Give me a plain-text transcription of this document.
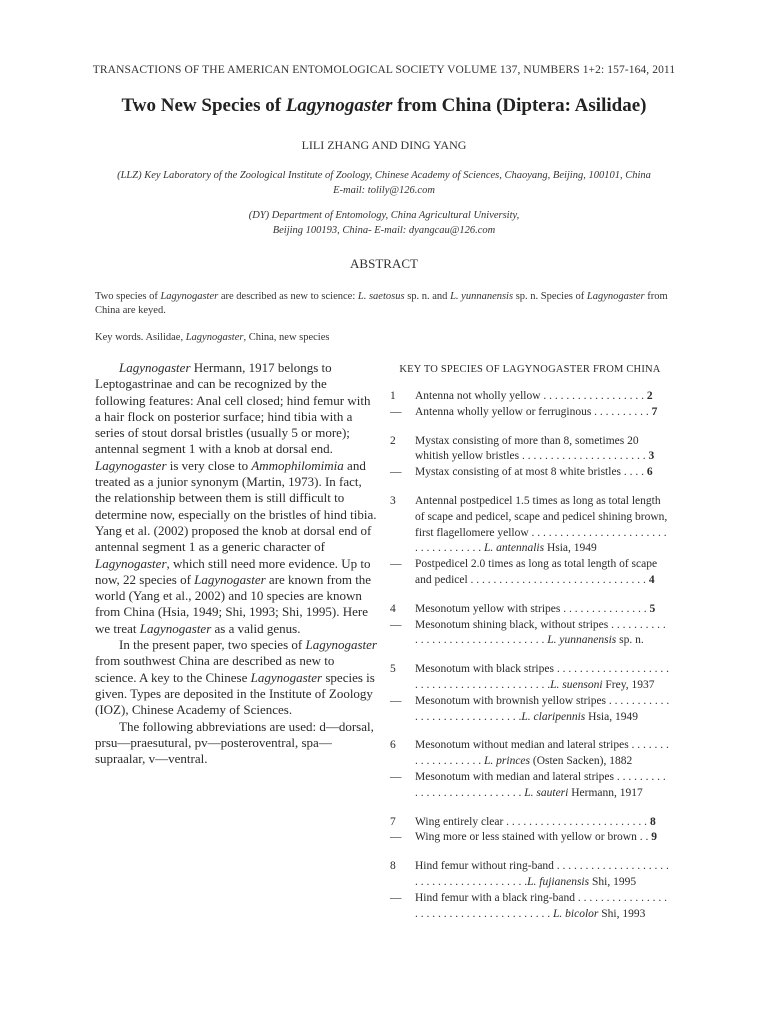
TRANSACTIONS OF THE AMERICAN ENTOMOLOGICAL SOCIETY VOLUME 137, NUMBERS 1+2: 157-164, 2011
Two New Species of Lagynogaster from China (Diptera: Asilidae)
LILI ZHANG AND DING YANG
(LLZ) Key Laboratory of the Zoological Institute of Zoology, Chinese Academy of Sciences, Chaoyang, Beijing, 100101, China
E-mail: tolily@126.com
(DY) Department of Entomology, China Agricultural University,
Beijing 100193, China- E-mail: dyangcau@126.com
ABSTRACT
Two species of Lagynogaster are described as new to science: L. saetosus sp. n. and L. yunnanensis sp. n. Species of Lagynogaster from China are keyed.
Key words. Asilidae, Lagynogaster, China, new species

Lagynogaster Hermann, 1917 belongs to Leptogastrinae and can be recognized by the following features: Anal cell closed; hind femur with a hair flock on posterior surface; hind tibia with a series of stout dorsal bristles (usually 5 or more); antennal segment 1 with a knob at dorsal end. Lagynogaster is very close to Ammophilomimia and treated as a junior synonym (Martin, 1973). In fact, the relationship between them is still difficult to determine now, especially on the bristles of hind tibia. Yang et al. (2002) proposed the knob at dorsal end of antennal segment 1 as a generic character of Lagynogaster, which still need more evidence. Up to now, 22 species of Lagynogaster are known from the world (Yang et al., 2002) and 10 species are known from China (Hsia, 1949; Shi, 1993; Shi, 1995). Here we treat Lagynogaster as a valid genus.

In the present paper, two species of Lagynogaster from southwest China are described as new to science. A key to the Chinese Lagynogaster species is given. Types are deposited in the Institute of Zoology (IOZ), Chinese Academy of Sciences.

The following abbreviations are used: d—dorsal, prsu—praesutural, pv—posteroventral, spa—supraalar, v—ventral.

KEY TO SPECIES OF LAGYNOGASTER FROM CHINA
1	Antenna not wholly yellow . . . . . . . . . . . . . . . . . . 2
—	Antenna wholly yellow or ferruginous . . . . . . . . . . 7
2	Mystax consisting of more than 8, sometimes 20 whitish yellow bristles . . . . . . . . . . . . . . . . . . . . . . 3
—	Mystax consisting of at most 8 white bristles . . . . 6
3	Antennal postpedicel 1.5 times as long as total length of scape and pedicel, scape and pedicel shining brown, first flagellomere yellow . . . . . . . . . . . . . . . . . . . . . . . . . . . . . . . . . . . . L. antennalis Hsia, 1949
—	Postpedicel 2.0 times as long as total length of scape and pedicel . . . . . . . . . . . . . . . . . . . . . . . . . . . . . . . 4
4	Mesonotum yellow with stripes . . . . . . . . . . . . . . . 5
—	Mesonotum shining black, without stripes . . . . . . . . . . . . . . . . . . . . . . . . . . . . . . . . . L. yunnanensis sp. n.
5	Mesonotum with black stripes . . . . . . . . . . . . . . . . . . . . . . . . . . . . . . . . . . . . . . . . . . . .L. suensoni Frey, 1937
—	Mesonotum with brownish yellow stripes . . . . . . . . . . . . . . . . . . . . . . . . . . . . . .L. claripennis Hsia, 1949
6	Mesonotum without median and lateral stripes . . . . . . . . . . . . . . . . . . . L. princes (Osten Sacken), 1882
—	Mesonotum with median and lateral stripes . . . . . . . . . . . . . . . . . . . . . . . . . . . . L. sauteri Hermann, 1917
7	Wing entirely clear . . . . . . . . . . . . . . . . . . . . . . . . . 8
—	Wing more or less stained with yellow or brown . . 9
8	Hind femur without ring-band . . . . . . . . . . . . . . . . . . . . . . . . . . . . . . . . . . . . . . . .L. fujianensis Shi, 1995
—	Hind femur with a black ring-band . . . . . . . . . . . . . . . . . . . . . . . . . . . . . . . . . . . . . . . . L. bicolor Shi, 1993
